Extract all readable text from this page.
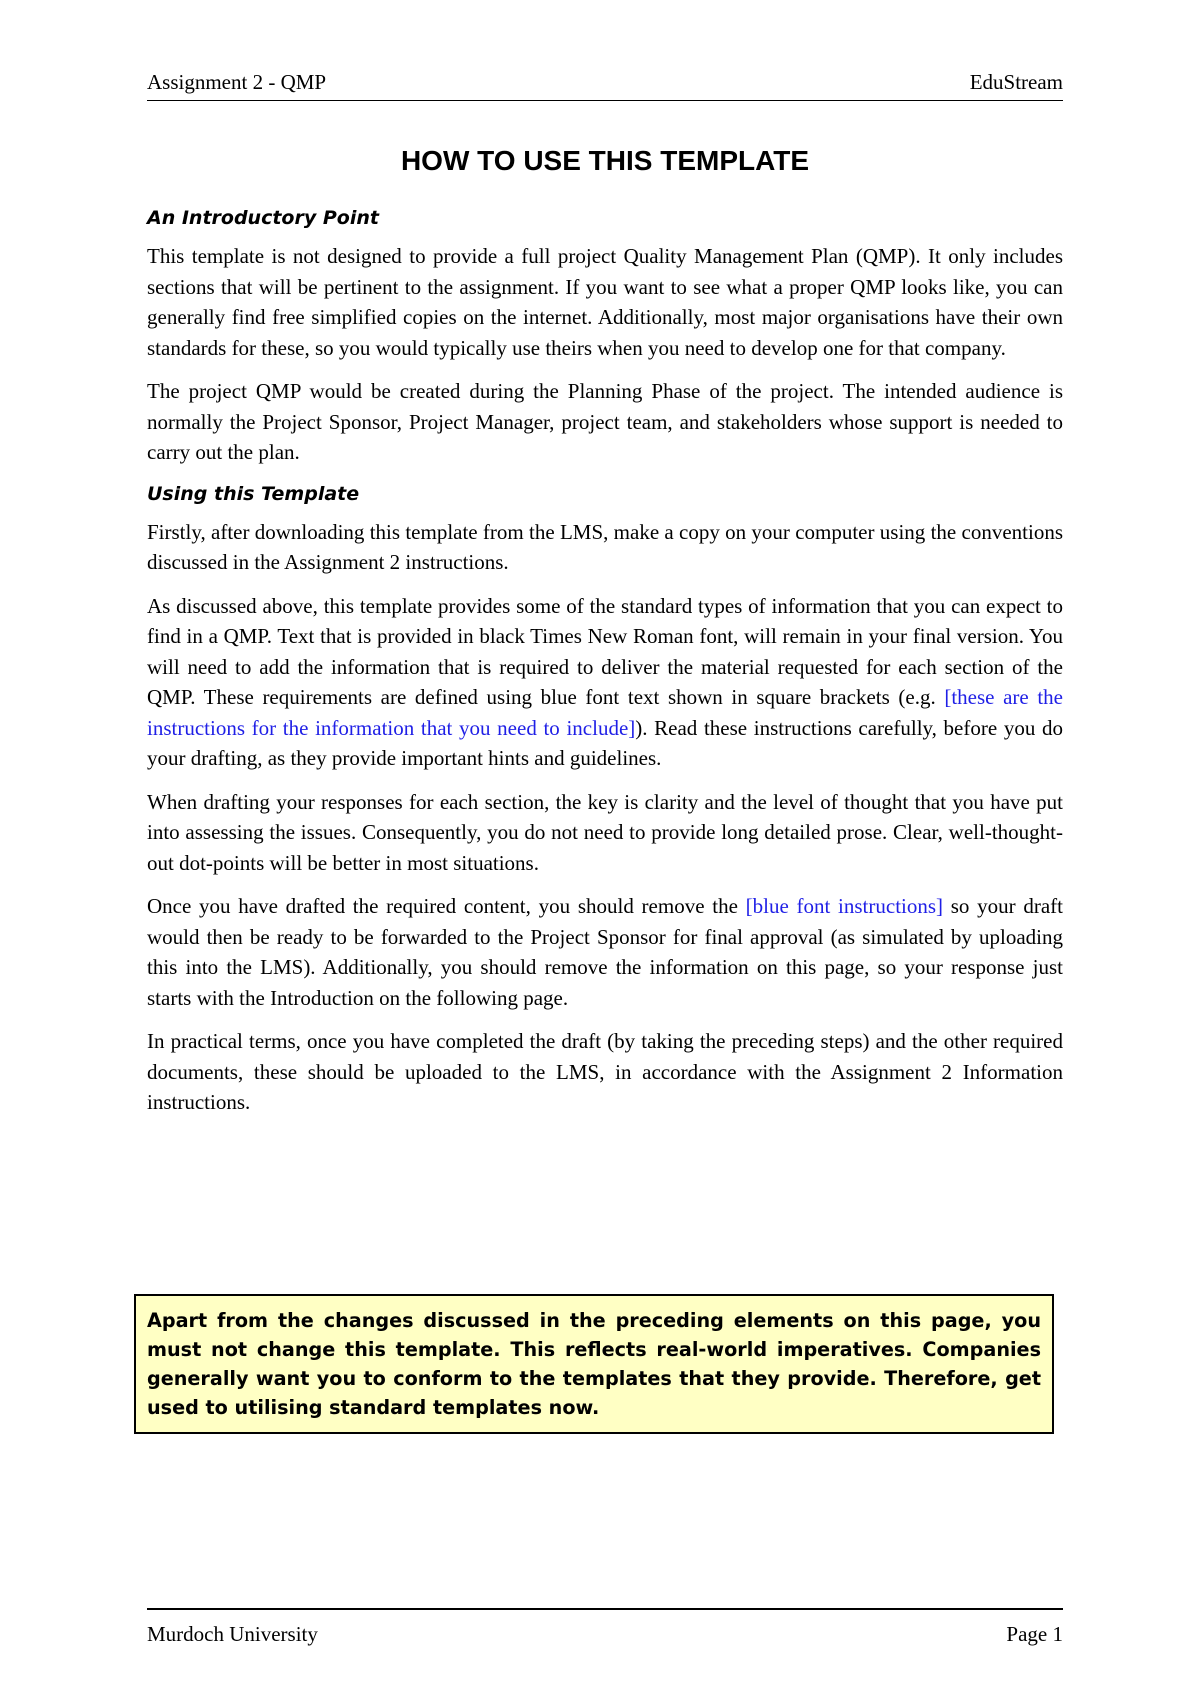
Assignment 2 - QMP	EduStream
HOW TO USE THIS TEMPLATE
An Introductory Point

This template is not designed to provide a full project Quality Management Plan (QMP). It only includes sections that will be pertinent to the assignment. If you want to see what a proper QMP looks like, you can generally find free simplified copies on the internet. Additionally, most major organisations have their own standards for these, so you would typically use theirs when you need to develop one for that company.

The project QMP would be created during the Planning Phase of the project. The intended audience is normally the Project Sponsor, Project Manager, project team, and stakeholders whose support is needed to carry out the plan.

Using this Template

Firstly, after downloading this template from the LMS, make a copy on your computer using the conventions discussed in the Assignment 2 instructions.

As discussed above, this template provides some of the standard types of information that you can expect to find in a QMP. Text that is provided in black Times New Roman font, will remain in your final version. You will need to add the information that is required to deliver the material requested for each section of the QMP. These requirements are defined using blue font text shown in square brackets (e.g. [these are the instructions for the information that you need to include]). Read these instructions carefully, before you do your drafting, as they provide important hints and guidelines.

When drafting your responses for each section, the key is clarity and the level of thought that you have put into assessing the issues. Consequently, you do not need to provide long detailed prose. Clear, well-thought-out dot-points will be better in most situations.

Once you have drafted the required content, you should remove the [blue font instructions] so your draft would then be ready to be forwarded to the Project Sponsor for final approval (as simulated by uploading this into the LMS). Additionally, you should remove the information on this page, so your response just starts with the Introduction on the following page.

In practical terms, once you have completed the draft (by taking the preceding steps) and the other required documents, these should be uploaded to the LMS, in accordance with the Assignment 2 Information instructions.

Apart from the changes discussed in the preceding elements on this page, you must not change this template. This reflects real-world imperatives. Companies generally want you to conform to the templates that they provide. Therefore, get used to utilising standard templates now.
Murdoch University	Page 1
